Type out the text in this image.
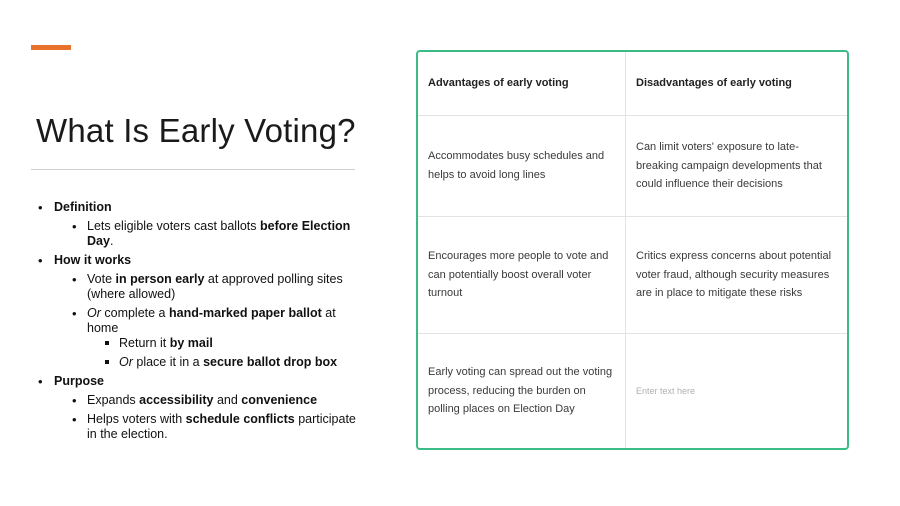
What Is Early Voting?
• Definition
• Lets eligible voters cast ballots before Election Day.
• How it works
• Vote in person early at approved polling sites (where allowed)
• Or complete a hand-marked paper ballot at home
Return it by mail
Or place it in a secure ballot drop box
• Purpose
• Expands accessibility and convenience
• Helps voters with schedule conflicts participate in the election.
Advantages of early voting	Disadvantages of early voting
Accommodates busy schedules and helps to avoid long lines	Can limit voters' exposure to late-breaking campaign developments that could influence their decisions
Encourages more people to vote and can potentially boost overall voter turnout	Critics express concerns about potential voter fraud, although security measures are in place to mitigate these risks
Early voting can spread out the voting process, reducing the burden on polling places on Election Day	Enter text here
